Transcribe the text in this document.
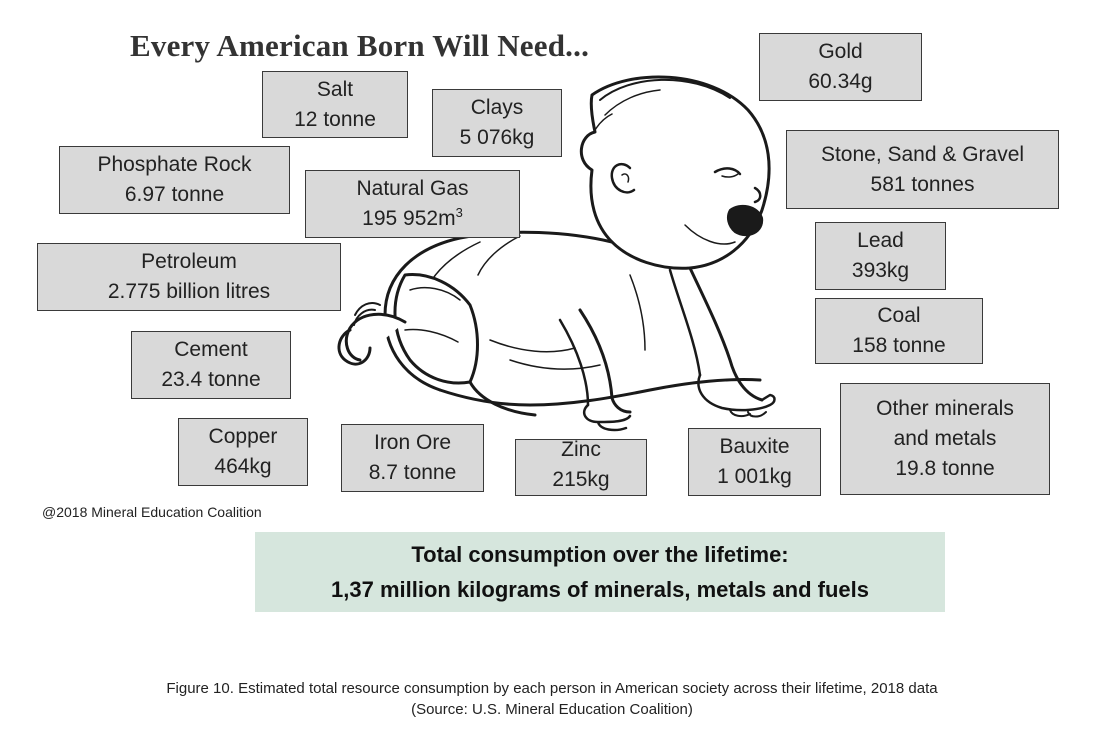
Every American Born Will Need...
Salt
12 tonne	Clays
5 076kg
Gold
60.34g
Phosphate Rock
6.97 tonne	Natural Gas
195 $952m^3$
Stone, Sand & Gravel
581 tonnes
Petroleum
2.775 billion litres
Lead
393kg
Coal
158 tonne
Cement
23.4 tonne
Other minerals
and metals
19.8 tonne
Copper
464kg
Iron Ore
8.7 tonne
Zinc
215kg
Bauxite
1 001kg
@2018 Mineral Education Coalition
Total consumption over the lifetime:
1,37 million kilograms of minerals, metals and fuels
Figure 10. Estimated total resource consumption by each person in American society across their lifetime, 2018 data
(Source: U.S. Mineral Education Coalition)
